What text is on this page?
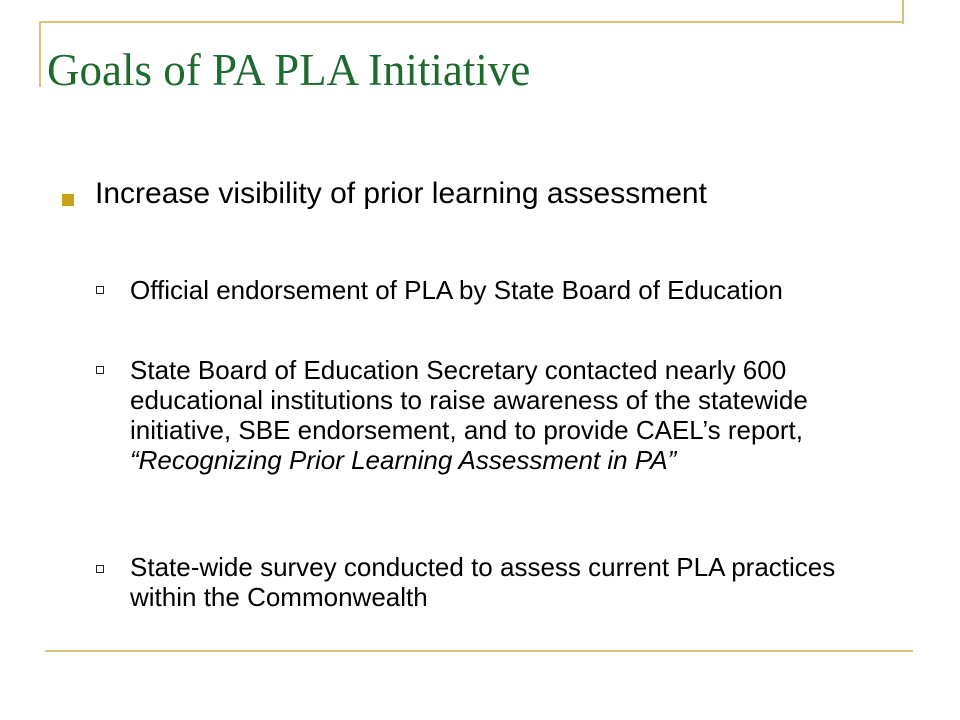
Goals of PA PLA Initiative
Increase visibility of prior learning assessment
Official endorsement of PLA by State Board of Education
State Board of Education Secretary contacted nearly 600 educational institutions to raise awareness of the statewide initiative, SBE endorsement, and to provide CAEL’s report, “Recognizing Prior Learning Assessment in PA”
State-wide survey conducted to assess current PLA practices within the Commonwealth
